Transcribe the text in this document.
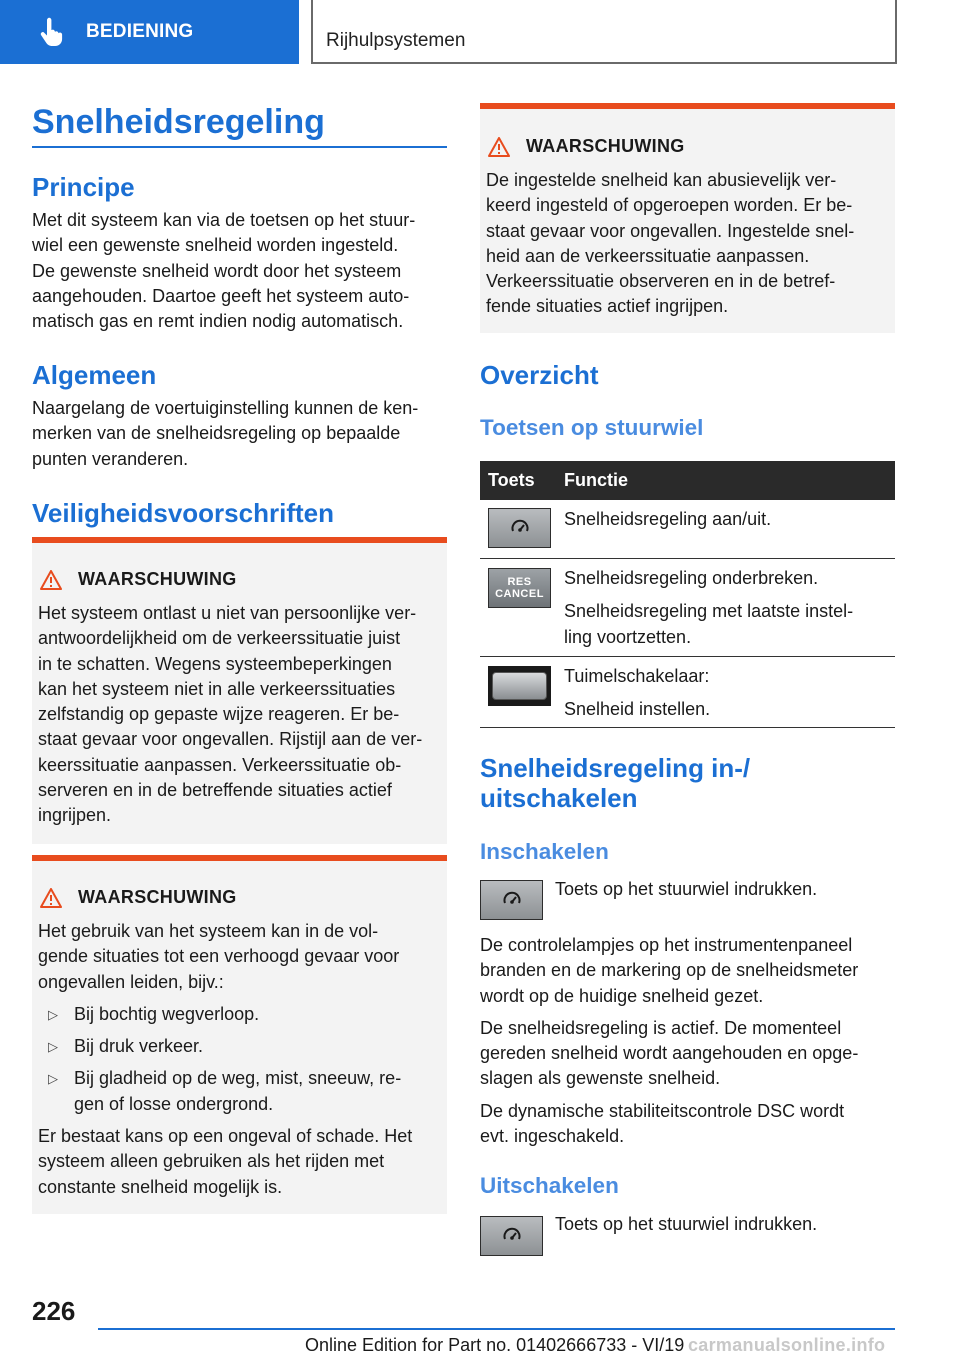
BEDIENING	Rijhulpsystemen
Snelheidsregeling
Principe
Met dit systeem kan via de toetsen op het stuur-
wiel een gewenste snelheid worden ingesteld.
De gewenste snelheid wordt door het systeem
aangehouden. Daartoe geeft het systeem auto-
matisch gas en remt indien nodig automatisch.
Algemeen
Naargelang de voertuiginstelling kunnen de ken-
merken van de snelheidsregeling op bepaalde
punten veranderen.
Veiligheidsvoorschriften
WAARSCHUWING
Het systeem ontlast u niet van persoonlijke ver-
antwoordelijkheid om de verkeerssituatie juist
in te schatten. Wegens systeembeperkingen
kan het systeem niet in alle verkeerssituaties
zelfstandig op gepaste wijze reageren. Er be-
staat gevaar voor ongevallen. Rijstijl aan de ver-
keerssituatie aanpassen. Verkeerssituatie ob-
serveren en in de betreffende situaties actief
ingrijpen.
WAARSCHUWING
Het gebruik van het systeem kan in de vol-
gende situaties tot een verhoogd gevaar voor
ongevallen leiden, bijv.:
▷ Bij bochtig wegverloop.
▷ Bij druk verkeer.
▷ Bij gladheid op de weg, mist, sneeuw, re-
gen of losse ondergrond.
Er bestaat kans op een ongeval of schade. Het
systeem alleen gebruiken als het rijden met
constante snelheid mogelijk is.
WAARSCHUWING
De ingestelde snelheid kan abusievelijk ver-
keerd ingesteld of opgeroepen worden. Er be-
staat gevaar voor ongevallen. Ingestelde snel-
heid aan de verkeerssituatie aanpassen.
Verkeerssituatie observeren en in de betref-
fende situaties actief ingrijpen.
Overzicht
Toetsen op stuurwiel
Toets Functie

Snelheidsregeling aan/uit.

RES
CANCEL

Snelheidsregeling onderbreken.

Snelheidsregeling met laatste instel-
ling voortzetten.

Tuimelschakelaar:

Snelheid instellen.
Snelheidsregeling in-/
uitschakelen
Inschakelen
Toets op het stuurwiel indrukken.
De controlelampjes op het instrumentenpaneel
branden en de markering op de snelheidsmeter
wordt op de huidige snelheid gezet.
De snelheidsregeling is actief. De momenteel
gereden snelheid wordt aangehouden en opge-
slagen als gewenste snelheid.
De dynamische stabiliteitscontrole DSC wordt
evt. ingeschakeld.
Uitschakelen
Toets op het stuurwiel indrukken.
226
Online Edition for Part no. 01402666733 - VI/19 carmanualsonline.info
